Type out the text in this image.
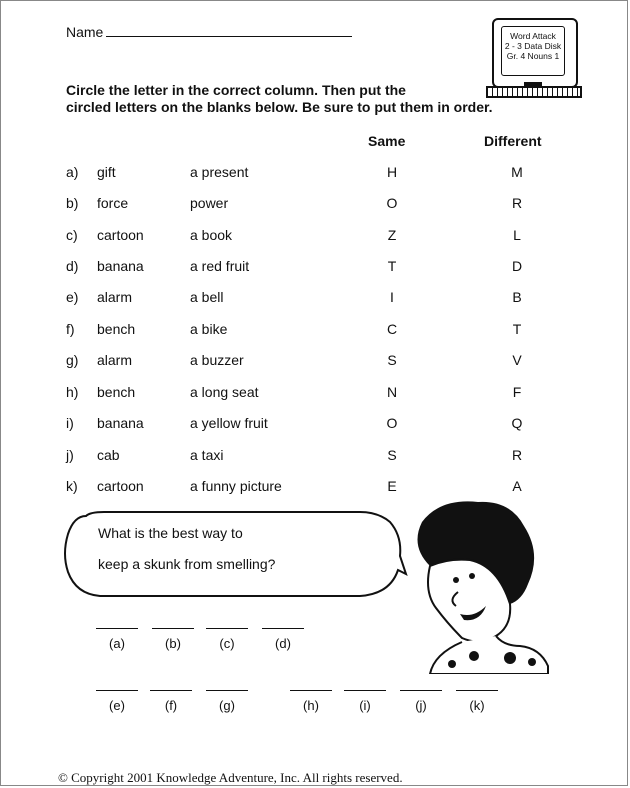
Name	Word Attack
2 - 3 Data Disk
Gr. 4 Nouns 1
Circle the letter in the correct column. Then put the
circled letters on the blanks below. Be sure to put them in order.
Same	Different
a) gift	a present	H	M
b) force	power	O	R
c) cartoon	a book	Z	L
d) banana	a red fruit	T	D
e) alarm	a bell	I	B
f) bench	a bike	C	T
g) alarm	a buzzer	S	V
h) bench	a long seat	N	F
i) banana	a yellow fruit	O	Q
j) cab	a taxi	S	R
k) cartoon	a funny picture	E	A
What is the best way to
keep a skunk from smelling?
(a)	(b)	(c)	(d)
(e)	(f)	(g)	(h)	(i)	(j)	(k)
© Copyright 2001 Knowledge Adventure, Inc. All rights reserved.
